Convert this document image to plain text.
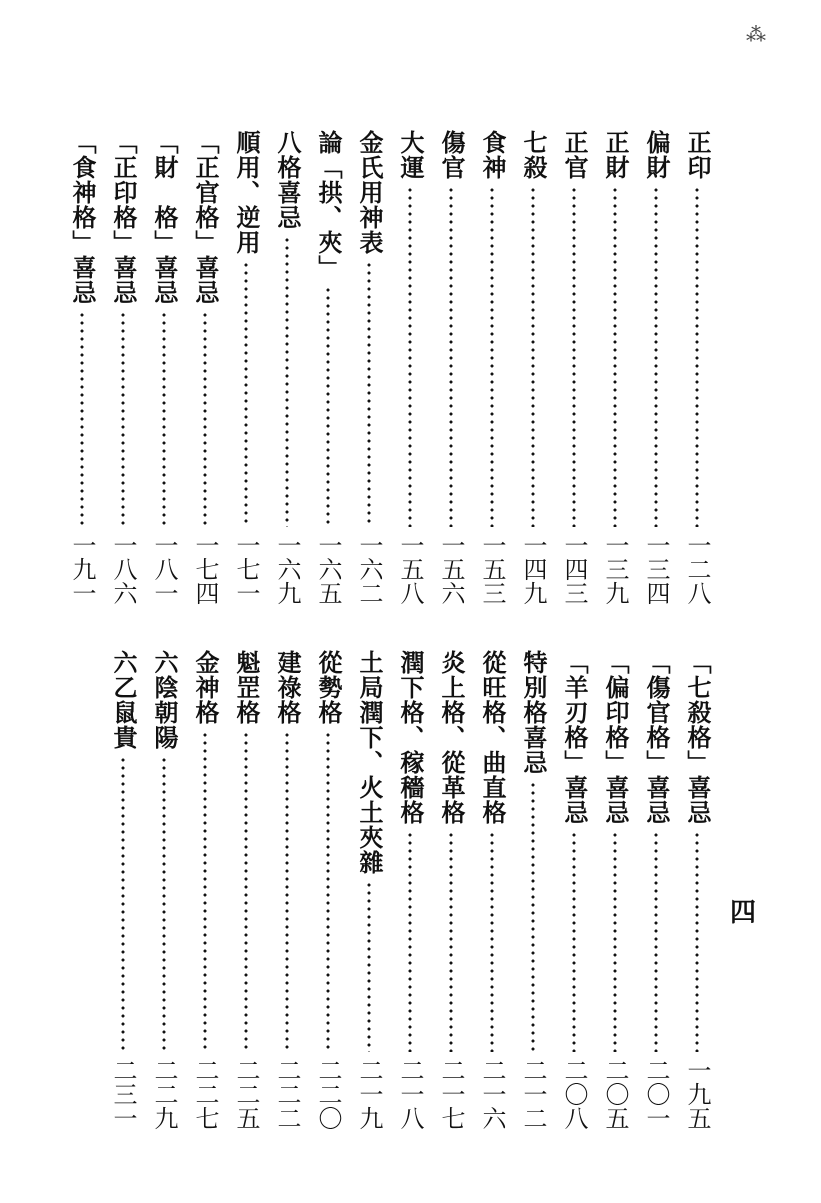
⁂
四
正印
一二八
偏財
一三四
正財
一三九
正官
一四三
七殺
一四九
食神
一五三
傷官
一五六
大運
一五八
金氏用神表
一六二
論「拱、夾」
一六五
八格喜忌
一六九
順用、逆用
一七一
「正官格」喜忌
一七四
「財　格」喜忌
一八一
「正印格」喜忌
一八六
「食神格」喜忌
一九一
「七殺格」喜忌
一九五
「傷官格」喜忌
二〇一
「偏印格」喜忌
二〇五
「羊刃格」喜忌
二〇八
特別格喜忌
二一二
從旺格、曲直格
二一六
炎上格、從革格
二一七
潤下格、稼穡格
二一八
土局潤下、火土夾雜
二一九
從勢格
二二〇
建祿格
二二二
魁罡格
二二五
金神格
二二七
六陰朝陽
二二九
六乙鼠貴
二三一
